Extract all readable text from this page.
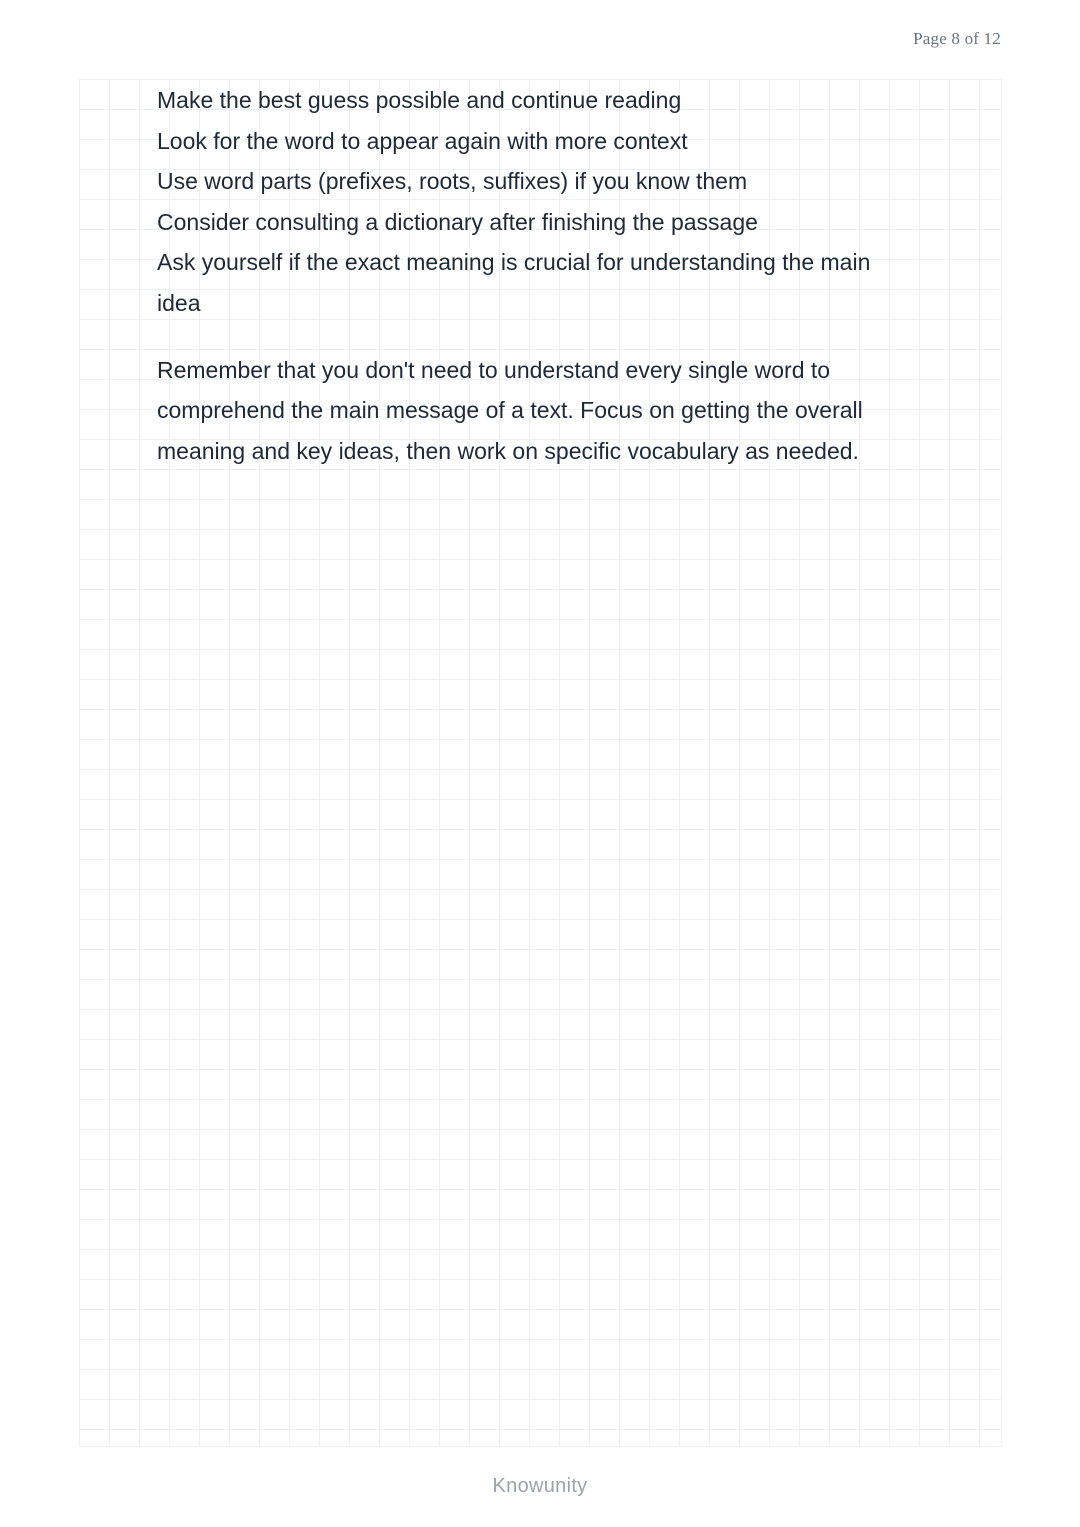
Page 8 of 12
Make the best guess possible and continue reading
Look for the word to appear again with more context
Use word parts (prefixes, roots, suffixes) if you know them
Consider consulting a dictionary after finishing the passage
Ask yourself if the exact meaning is crucial for understanding the main idea

Remember that you don't need to understand every single word to comprehend the main message of a text. Focus on getting the overall meaning and key ideas, then work on specific vocabulary as needed.

Knowunity
